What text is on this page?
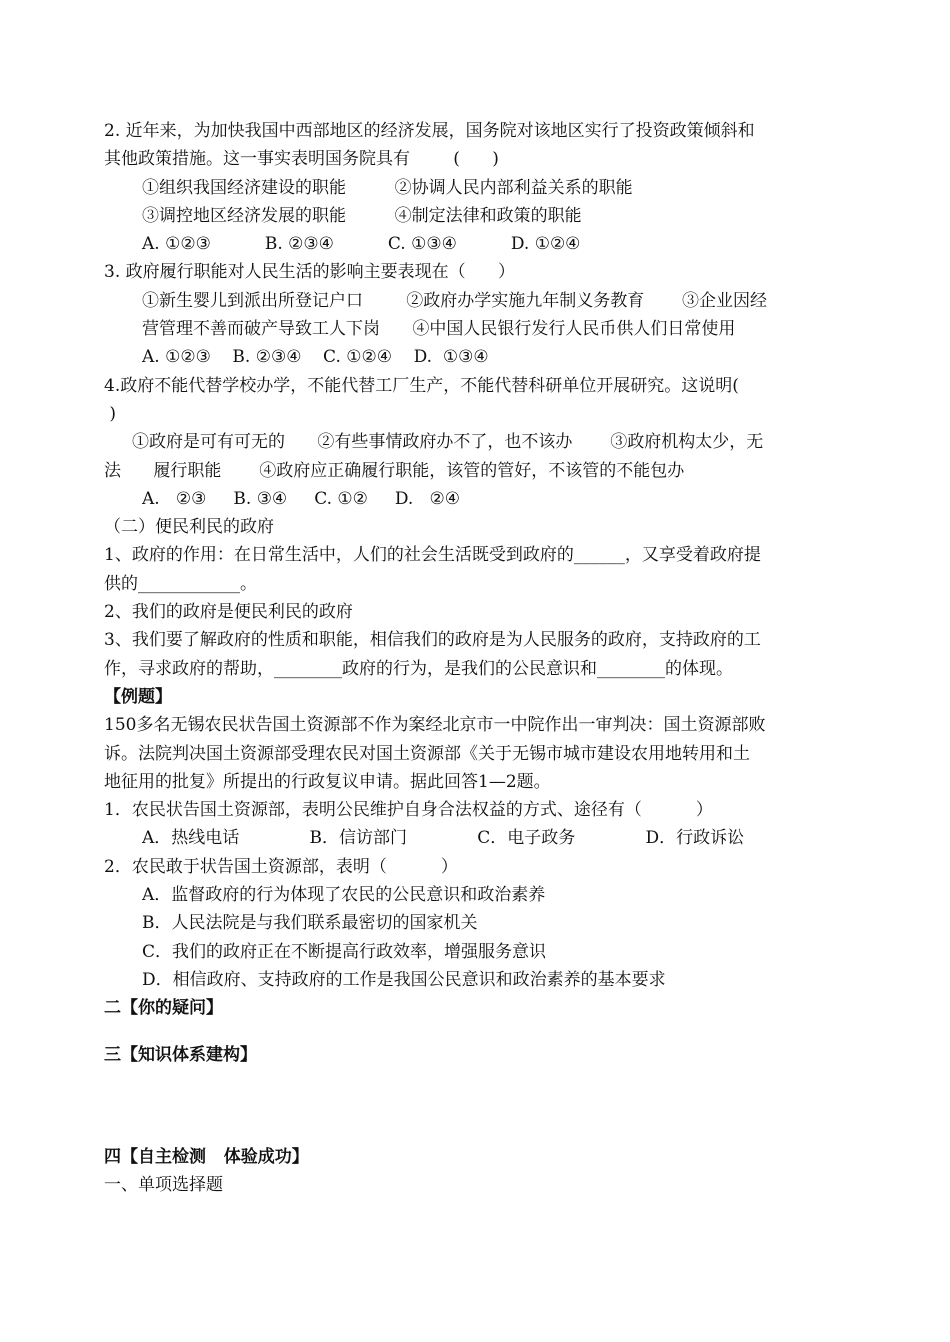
2. 近年来，为加快我国中西部地区的经济发展，国务院对该地区实行了投资政策倾斜和
其他政策措施。这一事实表明国务院具有        (      )
①组织我国经济建设的职能         ②协调人民内部利益关系的职能
③调控地区经济发展的职能         ④制定法律和政策的职能
A. ①②③          B. ②③④          C. ①③④          D. ①②④
3. 政府履行职能对人民生活的影响主要表现在（      ）
①新生婴儿到派出所登记户口        ②政府办学实施九年制义务教育       ③企业因经
营管理不善而破产导致工人下岗      ④中国人民银行发行人民币供人们日常使用
A. ①②③    B. ②③④    C. ①②④    D.  ①③④
4.政府不能代替学校办学，不能代替工厂生产，不能代替科研单位开展研究。这说明(
)
①政府是可有可无的      ②有些事情政府办不了，也不该办       ③政府机构太少，无
法      履行职能       ④政府应正确履行职能，该管的管好，不该管的不能包办
A.   ②③     B. ③④     C. ①②     D.   ②④
（二）便民利民的政府
1、政府的作用：在日常生活中，人们的社会生活既受到政府的______，又享受着政府提
供的____________。
2、我们的政府是便民利民的政府
3、我们要了解政府的性质和职能，相信我们的政府是为人民服务的政府，支持政府的工
作，寻求政府的帮助，________政府的行为，是我们的公民意识和________的体现。
【例题】
150多名无锡农民状告国土资源部不作为案经北京市一中院作出一审判决：国土资源部败
诉。法院判决国土资源部受理农民对国土资源部《关于无锡市城市建设农用地转用和土
地征用的批复》所提出的行政复议申请。据此回答1—2题。
1．农民状告国土资源部，表明公民维护自身合法权益的方式、途径有（          ）
A．热线电话             B．信访部门             C．电子政务             D．行政诉讼
2．农民敢于状告国土资源部，表明（          ）
A．监督政府的行为体现了农民的公民意识和政治素养
B．人民法院是与我们联系最密切的国家机关
C．我们的政府正在不断提高行政效率，增强服务意识
D．相信政府、支持政府的工作是我国公民意识和政治素养的基本要求
二【你的疑问】
三【知识体系建构】
四【自主检测   体验成功】
一、单项选择题
